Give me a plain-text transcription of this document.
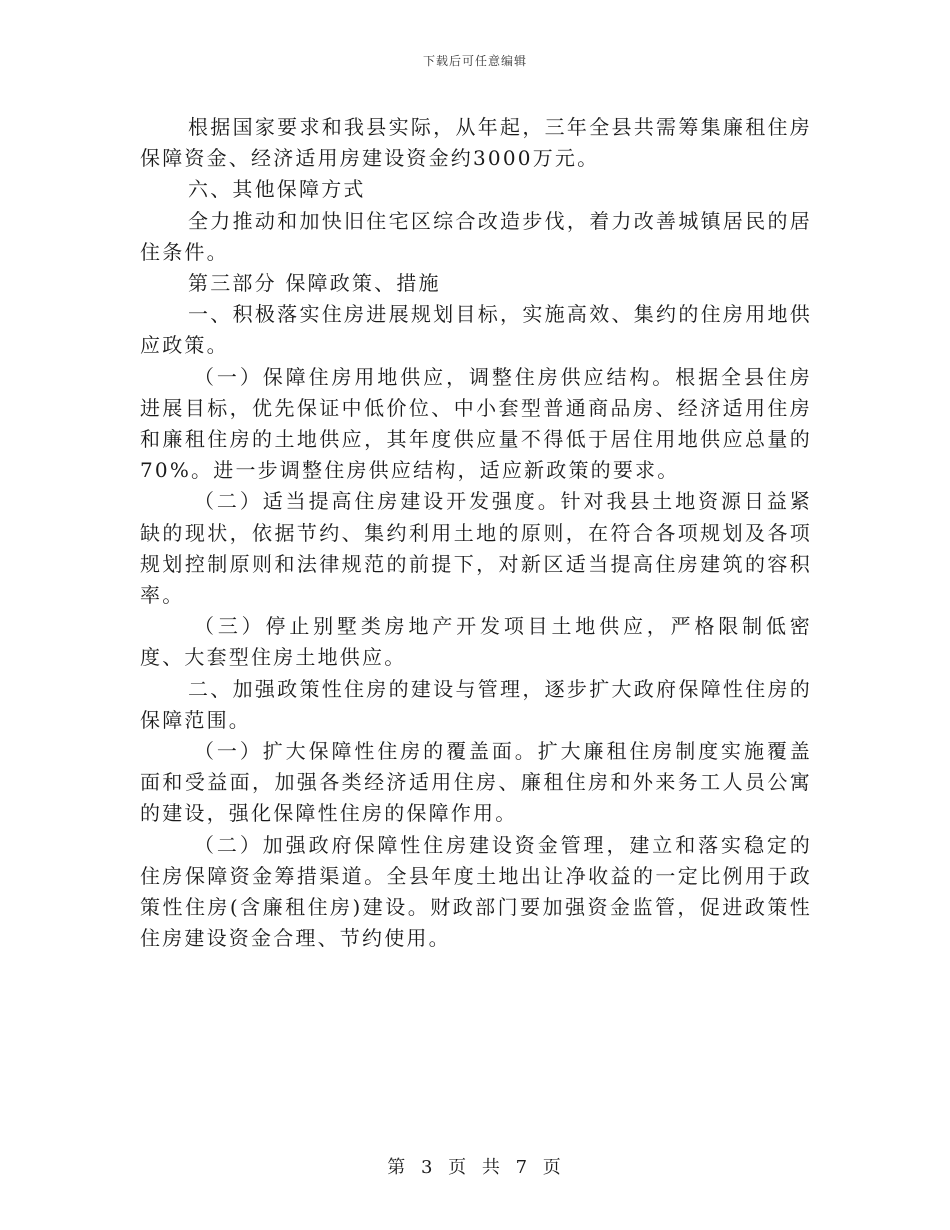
下载后可任意编辑

根据国家要求和我县实际，从年起，三年全县共需筹集廉租住房保障资金、经济适用房建设资金约3000万元。

六、其他保障方式

全力推动和加快旧住宅区综合改造步伐，着力改善城镇居民的居住条件。

第三部分 保障政策、措施

一、积极落实住房进展规划目标，实施高效、集约的住房用地供应政策。

（一）保障住房用地供应，调整住房供应结构。根据全县住房进展目标，优先保证中低价位、中小套型普通商品房、经济适用住房和廉租住房的土地供应，其年度供应量不得低于居住用地供应总量的70%。进一步调整住房供应结构，适应新政策的要求。

（二）适当提高住房建设开发强度。针对我县土地资源日益紧缺的现状，依据节约、集约利用土地的原则，在符合各项规划及各项规划控制原则和法律规范的前提下，对新区适当提高住房建筑的容积率。

（三）停止别墅类房地产开发项目土地供应，严格限制低密度、大套型住房土地供应。

二、加强政策性住房的建设与管理，逐步扩大政府保障性住房的保障范围。

（一）扩大保障性住房的覆盖面。扩大廉租住房制度实施覆盖面和受益面，加强各类经济适用住房、廉租住房和外来务工人员公寓的建设，强化保障性住房的保障作用。

（二）加强政府保障性住房建设资金管理，建立和落实稳定的住房保障资金筹措渠道。全县年度土地出让净收益的一定比例用于政策性住房(含廉租住房)建设。财政部门要加强资金监管，促进政策性住房建设资金合理、节约使用。

第 3 页 共 7 页
